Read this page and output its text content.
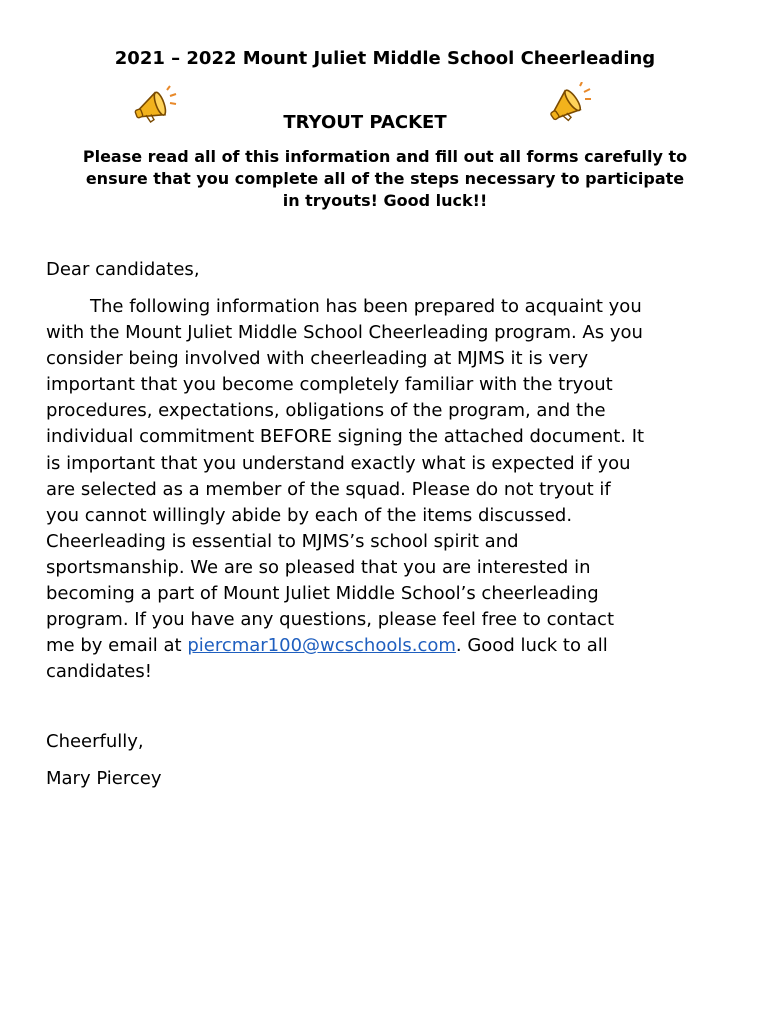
2021 – 2022 Mount Juliet Middle School Cheerleading
TRYOUT PACKET
Please read all of this information and fill out all forms carefully to
ensure that you complete all of the steps necessary to participate
in tryouts! Good luck!!
Dear candidates,
The following information has been prepared to acquaint you
with the Mount Juliet Middle School Cheerleading program. As you
consider being involved with cheerleading at MJMS it is very
important that you become completely familiar with the tryout
procedures, expectations, obligations of the program, and the
individual commitment BEFORE signing the attached document. It
is important that you understand exactly what is expected if you
are selected as a member of the squad. Please do not tryout if
you cannot willingly abide by each of the items discussed.
Cheerleading is essential to MJMS’s school spirit and
sportsmanship. We are so pleased that you are interested in
becoming a part of Mount Juliet Middle School’s cheerleading
program. If you have any questions, please feel free to contact
me by email at piercmar100@wcschools.com. Good luck to all
candidates!
Cheerfully,
Mary Piercey
